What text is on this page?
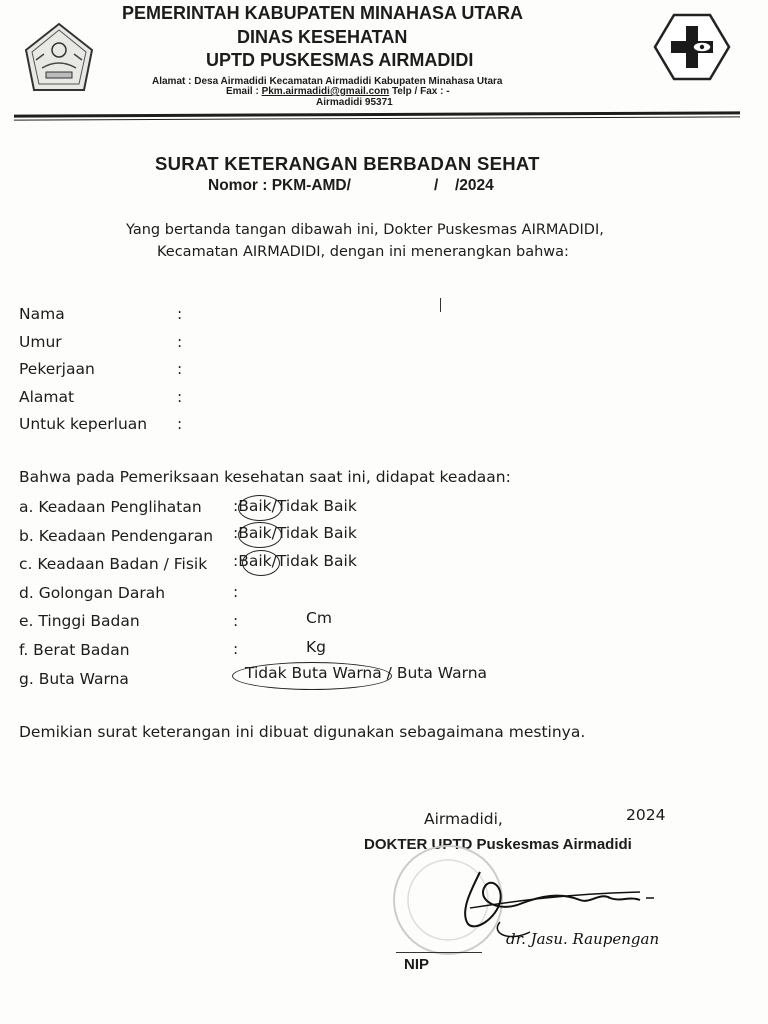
PEMERINTAH KABUPATEN MINAHASA UTARA
DINAS KESEHATAN
UPTD PUSKESMAS AIRMADIDI
Alamat : Desa Airmadidi Kecamatan Airmadidi Kabupaten Minahasa Utara
Email : Pkm.airmadidi@gmail.com Telp / Fax : -
Airmadidi 95371
SURAT KETERANGAN BERBADAN SEHAT
Nomor : PKM-AMD/	/ /2024
Yang bertanda tangan dibawah ini, Dokter Puskesmas AIRMADIDI,
Kecamatan AIRMADIDI, dengan ini menerangkan bahwa:
Nama	:
Umur	:
Pekerjaan	:
Alamat	:
Untuk keperluan :
Bahwa pada Pemeriksaan kesehatan saat ini, didapat keadaan:
a. Keadaan Penglihatan :Baik/Tidak Baik
b. Keadaan Pendengaran :Baik/Tidak Baik
c. Keadaan Badan / Fisik :Baik/Tidak Baik
d. Golongan Darah	:
e. Tinggi Badan	:	Cm
f. Berat Badan	:	Kg
g. Buta Warna	Tidak Buta Warna / Buta Warna
Demikian surat keterangan ini dibuat digunakan sebagaimana mestinya.
Airmadidi,	2024
DOKTER UPTD Puskesmas Airmadidi
dr. Jasu. Raupengan
NIP
